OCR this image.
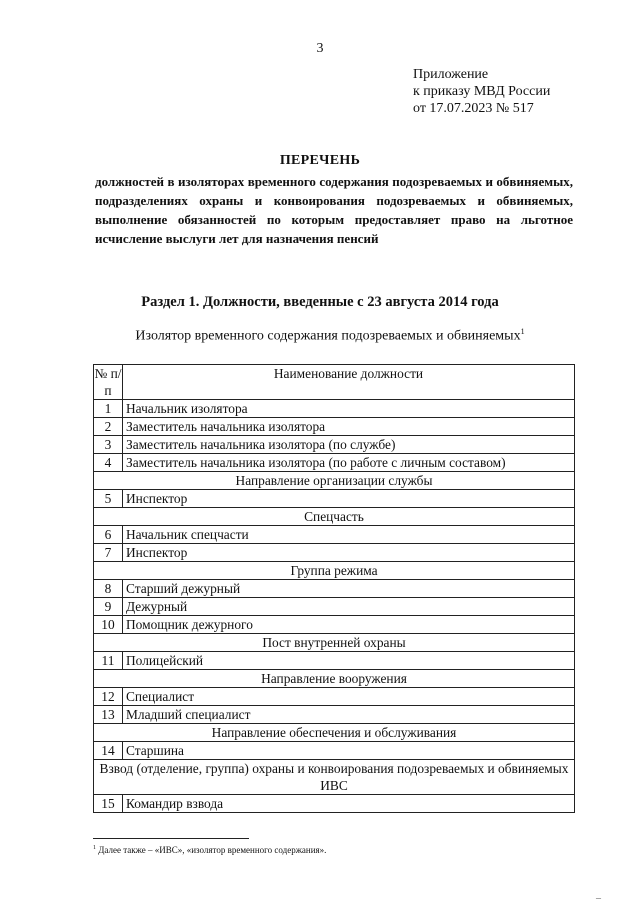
3
Приложение
к приказу МВД России
от 17.07.2023 № 517
ПЕРЕЧЕНЬ
должностей в изоляторах временного содержания подозреваемых и обвиняемых, подразделениях охраны и конвоирования подозреваемых и обвиняемых, выполнение обязанностей по которым предоставляет право на льготное исчисление выслуги лет для назначения пенсий
Раздел 1. Должности, введенные с 23 августа 2014 года
Изолятор временного содержания подозреваемых и обвиняемых$^1$
№ п/п	Наименование должности
1	Начальник изолятора
2	Заместитель начальника изолятора
3	Заместитель начальника изолятора (по службе)
4	Заместитель начальника изолятора (по работе с личным составом)
Направление организации службы	
5	Инспектор
Спецчасть	
6	Начальник спецчасти
7	Инспектор
Группа режима	
8	Старший дежурный
9	Дежурный
10	Помощник дежурного
Пост внутренней охраны	
11	Полицейский
Направление вооружения	
12	Специалист
13	Младший специалист
Направление обеспечения и обслуживания	
14	Старшина
Взвод (отделение, группа) охраны и конвоирования подозреваемых и обвиняемых ИВС	
15	Командир взвода
$^1$ Далее также – «ИВС», «изолятор временного содержания».
–
